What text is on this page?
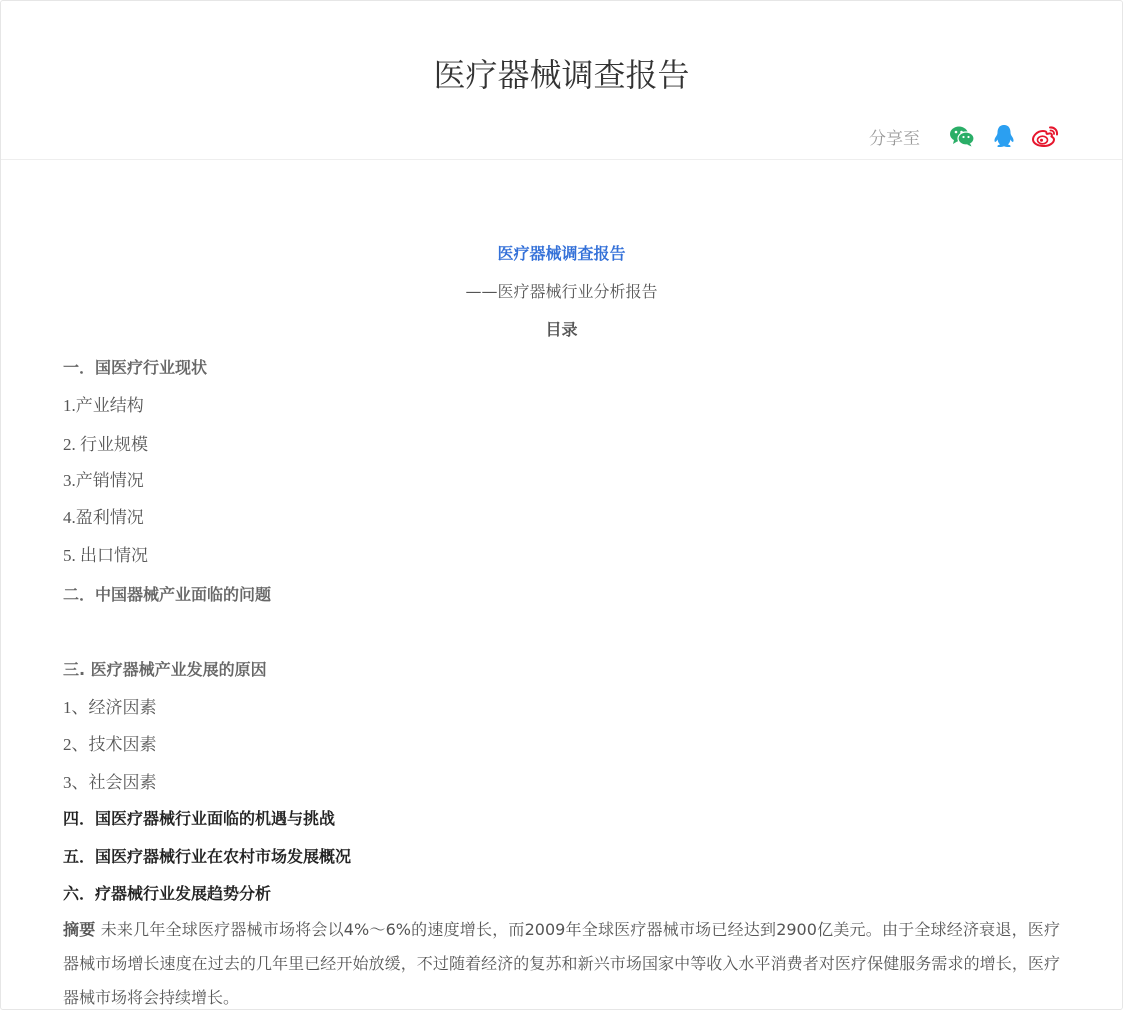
医疗器械调查报告
分享至

医疗器械调查报告

——医疗器械行业分析报告

目录

一．国医疗行业现状

1.产业结构

2. 行业规模

3.产销情况

4.盈利情况

5. 出口情况

二．中国器械产业面临的问题

三. 医疗器械产业发展的原因

1、经济因素

2、技术因素

3、社会因素

四．国医疗器械行业面临的机遇与挑战

五．国医疗器械行业在农村市场发展概况

六．疗器械行业发展趋势分析

摘要 未来几年全球医疗器械市场将会以4%～6%的速度增长，而2009年全球医疗器械市场已经达到2900亿美元。由于全球经济衰退，医疗器械市场增长速度在过去的几年里已经开始放缓，不过随着经济的复苏和新兴市场国家中等收入水平消费者对医疗保健服务需求的增长，医疗器械市场将会持续增长。
